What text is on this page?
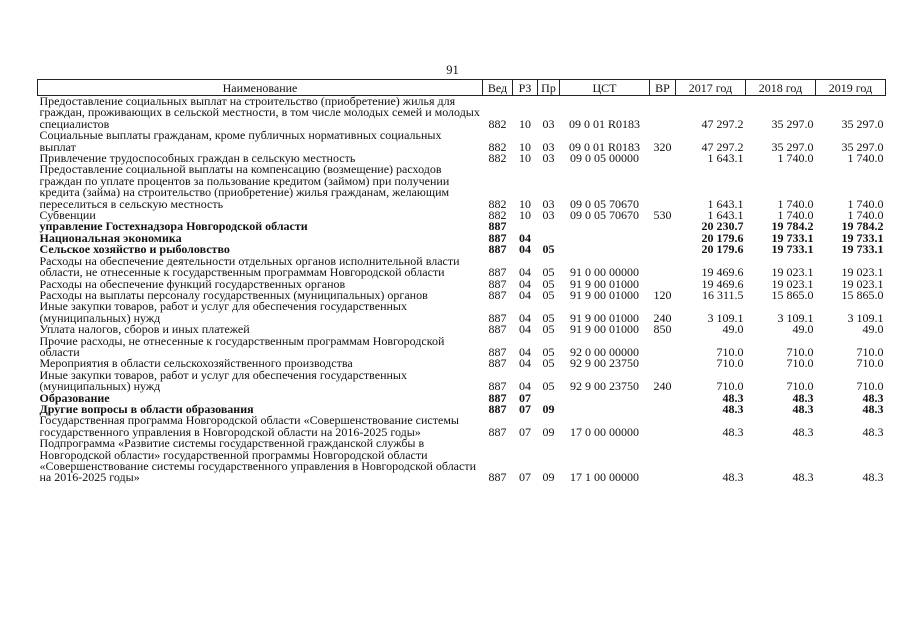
91
Наименование	Вед	РЗ	Пр	ЦСТ	ВР	2017 год	2018 год	2019 год
Предоставление социальных выплат на строительство (приобретение) жилья для граждан, проживающих в сельской местности, в том числе молодых семей и молодых специалистов	882	10	03	09 0 01 R0183		47 297.2	35 297.0	35 297.0
Социальные выплаты гражданам, кроме публичных нормативных социальных выплат	882	10	03	09 0 01 R0183	320	47 297.2	35 297.0	35 297.0
Привлечение трудоспособных граждан в сельскую местность	882	10	03	09 0 05 00000		1 643.1	1 740.0	1 740.0
Предоставление социальной выплаты на компенсацию (возмещение) расходов граждан по уплате процентов за пользование кредитом (займом) при получении кредита (займа) на строительство (приобретение) жилья гражданам, желающим переселиться в сельскую местность	882	10	03	09 0 05 70670		1 643.1	1 740.0	1 740.0
Субвенции	882	10	03	09 0 05 70670	530	1 643.1	1 740.0	1 740.0
управление Гостехнадзора Новгородской области	887					20 230.7	19 784.2	19 784.2
Национальная экономика	887	04				20 179.6	19 733.1	19 733.1
Сельское хозяйство и рыболовство	887	04	05			20 179.6	19 733.1	19 733.1
Расходы на обеспечение деятельности отдельных органов исполнительной власти области, не отнесенные к государственным программам Новгородской области	887	04	05	91 0 00 00000		19 469.6	19 023.1	19 023.1
Расходы на обеспечение функций государственных органов	887	04	05	91 9 00 01000		19 469.6	19 023.1	19 023.1
Расходы на выплаты персоналу государственных (муниципальных) органов	887	04	05	91 9 00 01000	120	16 311.5	15 865.0	15 865.0
Иные закупки товаров, работ и услуг для обеспечения государственных (муниципальных) нужд	887	04	05	91 9 00 01000	240	3 109.1	3 109.1	3 109.1
Уплата налогов, сборов и иных платежей	887	04	05	91 9 00 01000	850	49.0	49.0	49.0
Прочие расходы, не отнесенные к государственным программам Новгородской области	887	04	05	92 0 00 00000		710.0	710.0	710.0
Мероприятия в области сельскохозяйственного производства	887	04	05	92 9 00 23750		710.0	710.0	710.0
Иные закупки товаров, работ и услуг для обеспечения государственных (муниципальных) нужд	887	04	05	92 9 00 23750	240	710.0	710.0	710.0
Образование	887	07				48.3	48.3	48.3
Другие вопросы в области образования	887	07	09			48.3	48.3	48.3
Государственная программа Новгородской области «Совершенствование системы государственного управления в Новгородской области на 2016-2025 годы»	887	07	09	17 0 00 00000		48.3	48.3	48.3
Подпрограмма «Развитие системы государственной гражданской службы в Новгородской области» государственной программы Новгородской области «Совершенствование системы государственного управления в Новгородской области на 2016-2025 годы»	887	07	09	17 1 00 00000		48.3	48.3	48.3
